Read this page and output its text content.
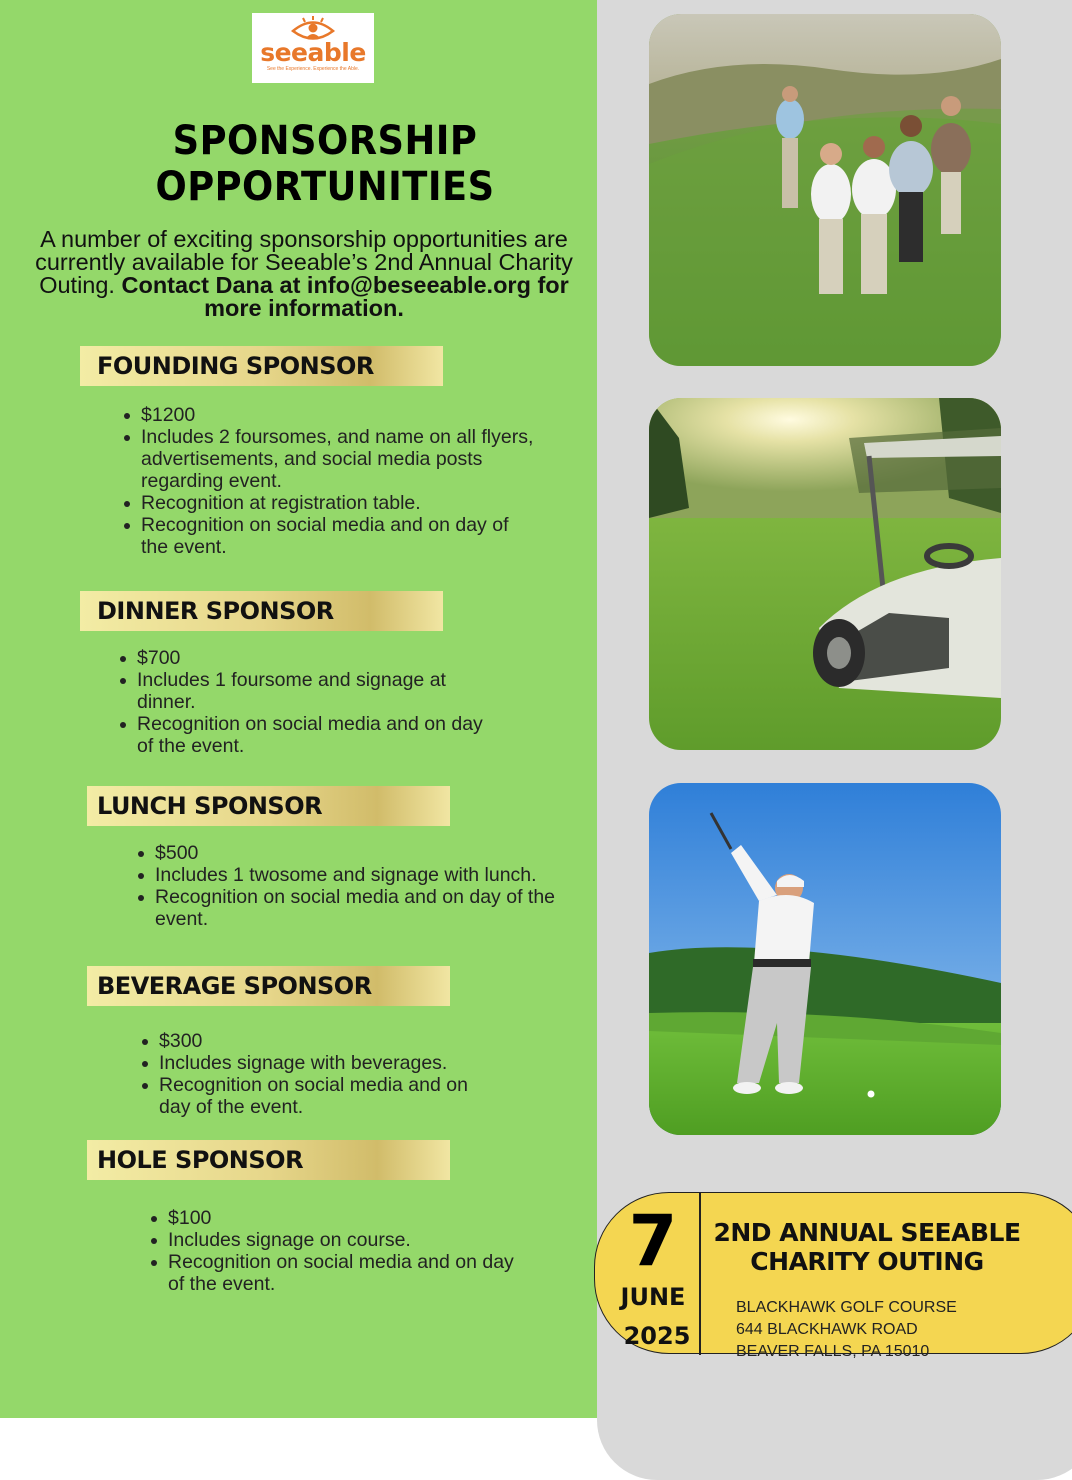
seeable
See the Experience. Experience the Able.
SPONSORSHIP
OPPORTUNITIES
A number of exciting sponsorship opportunities are currently available for Seeable’s 2nd Annual Charity Outing. Contact Dana at info@beseeable.org for more information.
FOUNDING SPONSOR
$1200
Includes 2 foursomes, and name on all flyers, advertisements, and social media posts regarding event.
Recognition at registration table.
Recognition on social media and on day of the event.
DINNER SPONSOR
$700
Includes 1 foursome and signage at dinner.
Recognition on social media and on day of the event.
LUNCH SPONSOR
$500
Includes 1 twosome and signage with lunch.
Recognition on social media and on day of the event.
BEVERAGE SPONSOR
$300
Includes signage with beverages.
Recognition on social media and on day of the event.
HOLE SPONSOR
$100
Includes signage on course.
Recognition on social media and on day of the event.
7
JUNE
2025
2ND ANNUAL SEEABLE CHARITY OUTING
BLACKHAWK GOLF COURSE
644 BLACKHAWK ROAD
BEAVER FALLS, PA 15010
